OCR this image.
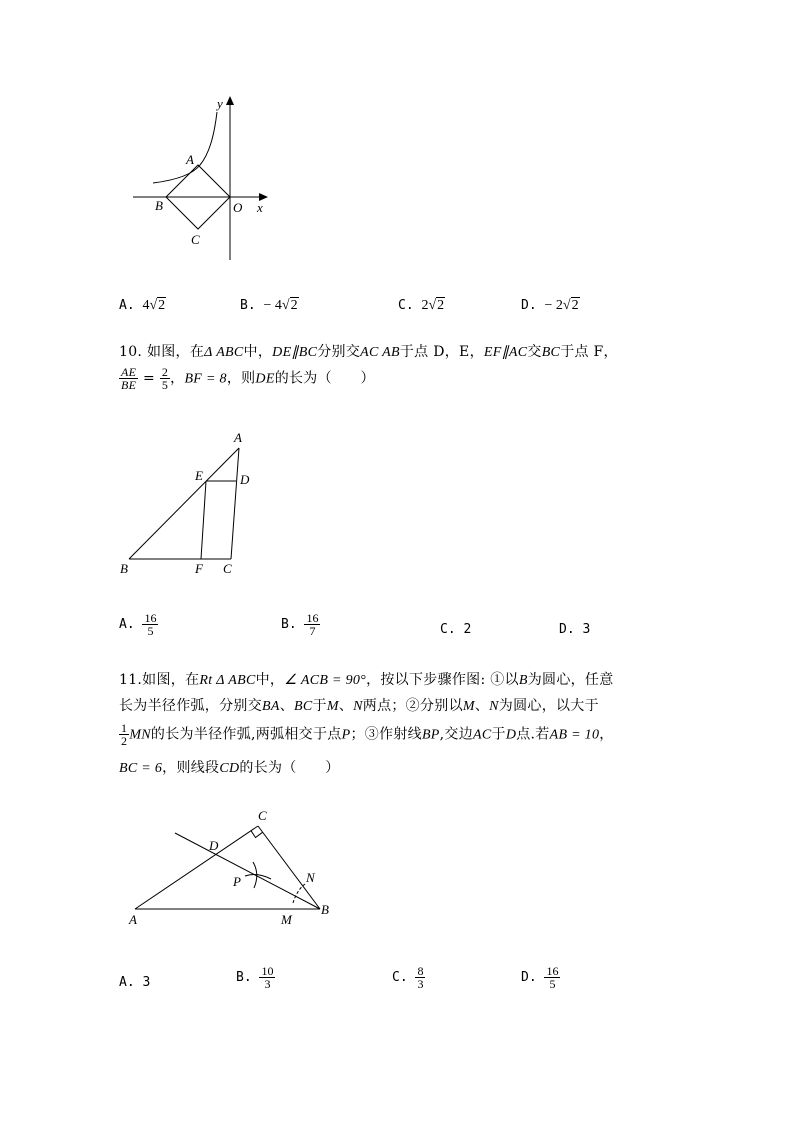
y
x
O
A
B
C
A. 4√2	B. − 4√2	C. 2√2	D. − 2√2
10. 如图，在Δ ABC中，DE∥BC分别交AC AB于点 D，E，EF∥AC交BC于点 F，
$\frac{AE}{BE} = \frac{2}{5}$ ，BF = 8，则DE的长为（　　）
A
E	D
B	F C
A. $\frac{16}{5}$	B. $\frac{16}{7}$	C. 2	D. 3
11.如图，在Rt Δ ABC中，∠ ACB = 90°，按以下步骤作图: ①以B为圆心，任意
长为半径作弧，分别交BA、BC于M、N两点；②分别以M、N为圆心，以大于
$\frac{1}{2}$ MN的长为半径作弧,两弧相交于点P；③作射线BP,交边AC于D点.若AB = 10，
BC = 6，则线段CD的长为（　　）
C
D
P	N
A	M
B
A. 3	B. $\frac{10}{3}$	C. $\frac{8}{3}$	D. $\frac{16}{5}$
